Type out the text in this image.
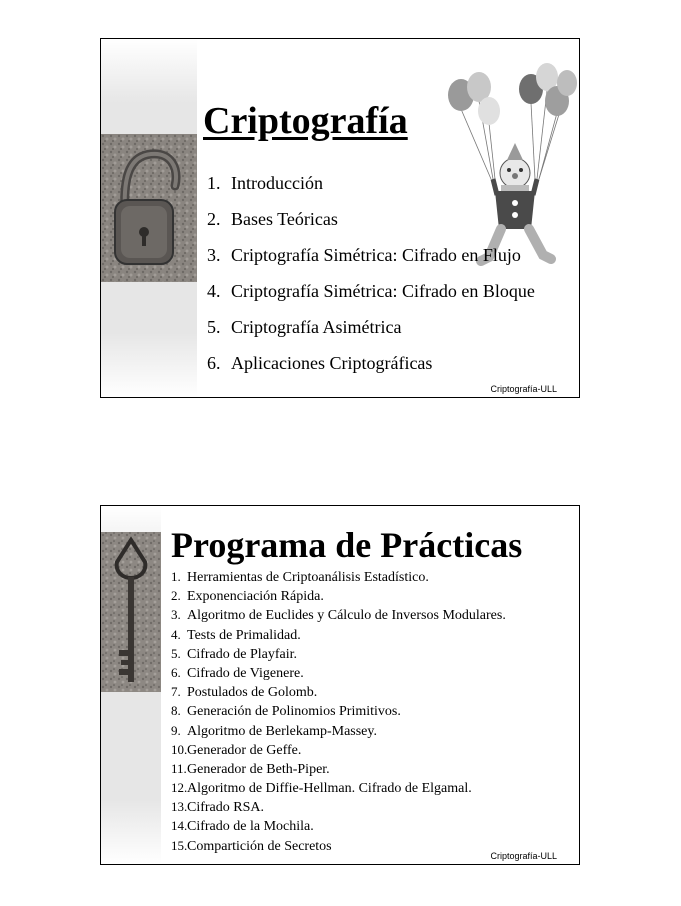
Criptografía
1. Introducción
2. Bases Teóricas
3. Criptografía Simétrica: Cifrado en Flujo
4. Criptografía Simétrica: Cifrado en Bloque
5. Criptografía Asimétrica
6. Aplicaciones Criptográficas
Criptografía-ULL
Programa de Prácticas
1. Herramientas de Criptoanálisis Estadístico.
2. Exponenciación Rápida.
3. Algoritmo de Euclides y Cálculo de Inversos Modulares.
4. Tests de Primalidad.
5. Cifrado de Playfair.
6. Cifrado de Vigenere.
7. Postulados de Golomb.
8. Generación de Polinomios Primitivos.
9. Algoritmo de Berlekamp-Massey.
10.Generador de Geffe.
11.Generador de Beth-Piper.
12.Algoritmo de Diffie-Hellman. Cifrado de Elgamal.
13.Cifrado RSA.
14.Cifrado de la Mochila.
15.Compartición de Secretos
Criptografía-ULL
